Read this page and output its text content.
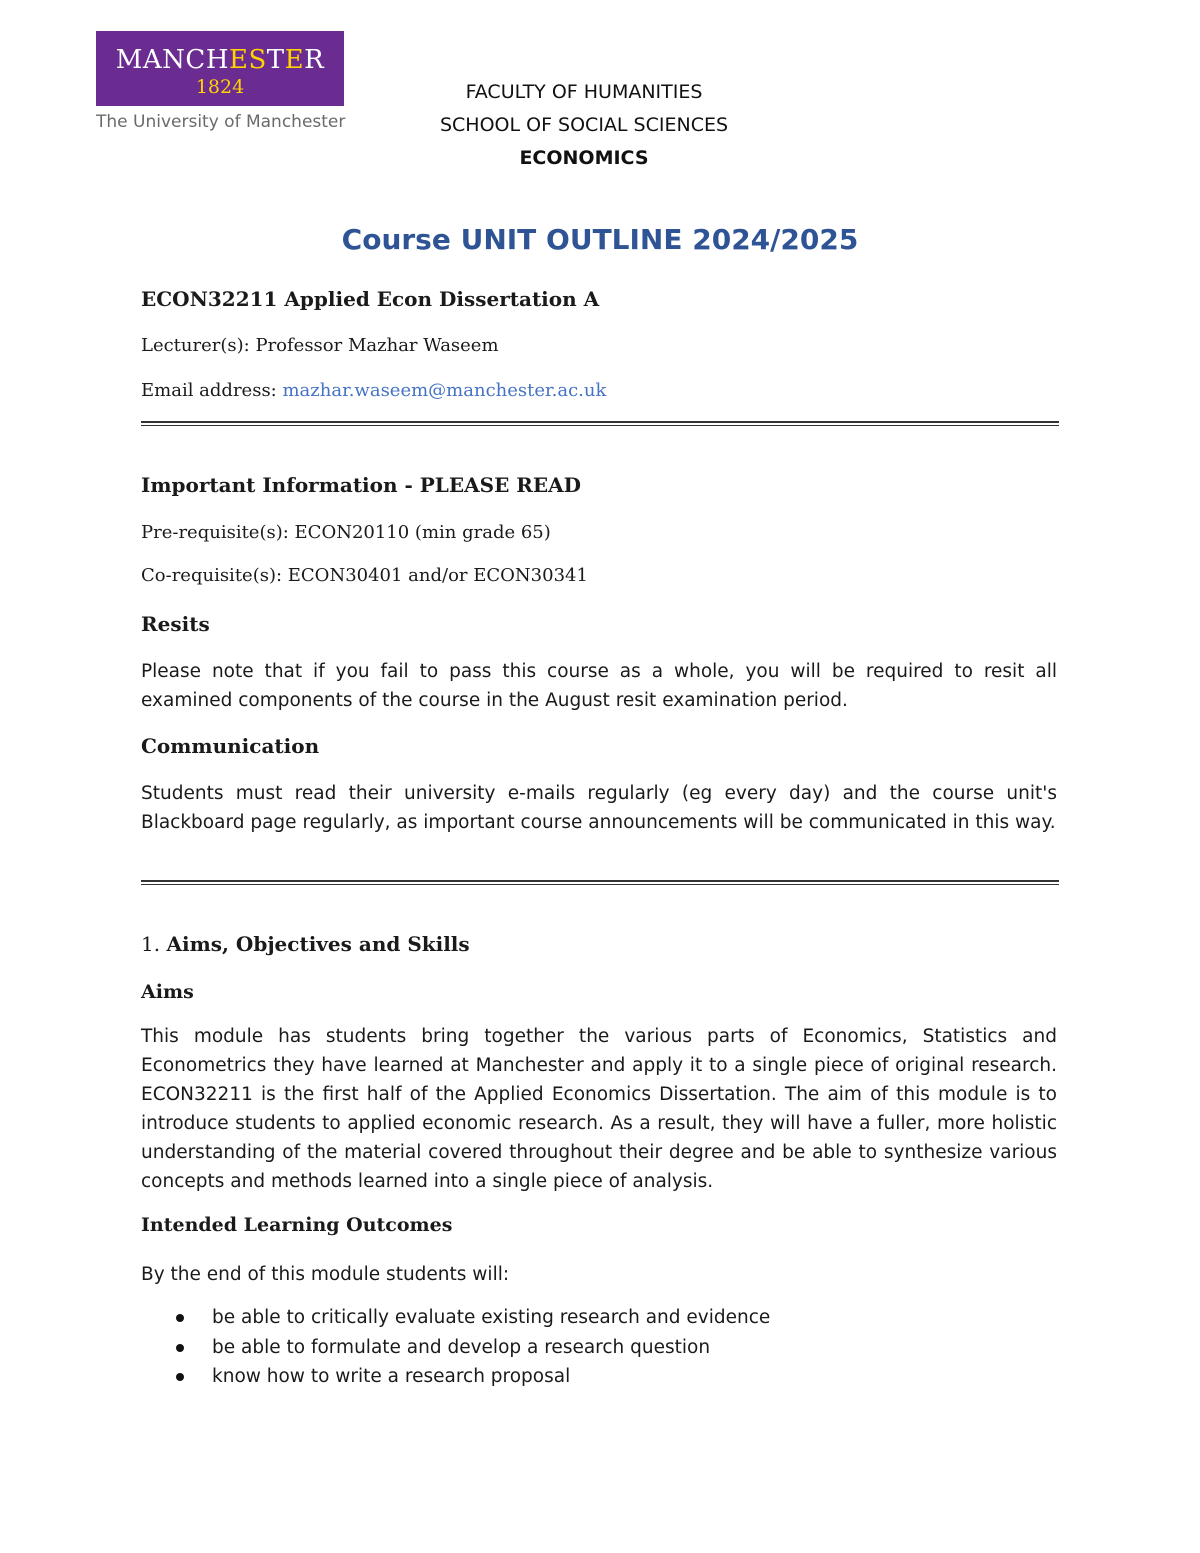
MANCHESTER
1824
The University of Manchester
FACULTY OF HUMANITIES
SCHOOL OF SOCIAL SCIENCES
ECONOMICS
Course UNIT OUTLINE 2024/2025
ECON32211 Applied Econ Dissertation A
Lecturer(s): Professor Mazhar Waseem
Email address: mazhar.waseem@manchester.ac.uk
Important Information - PLEASE READ
Pre-requisite(s): ECON20110 (min grade 65)
Co-requisite(s): ECON30401 and/or ECON30341
Resits
Please note that if you fail to pass this course as a whole, you will be required to resit all examined components of the course in the August resit examination period.
Communication
Students must read their university e-mails regularly (eg every day) and the course unit's Blackboard page regularly, as important course announcements will be communicated in this way.
1. Aims, Objectives and Skills
Aims
This module has students bring together the various parts of Economics, Statistics and Econometrics they have learned at Manchester and apply it to a single piece of original research. ECON32211 is the first half of the Applied Economics Dissertation. The aim of this module is to introduce students to applied economic research. As a result, they will have a fuller, more holistic understanding of the material covered throughout their degree and be able to synthesize various concepts and methods learned into a single piece of analysis.
Intended Learning Outcomes
By the end of this module students will:
be able to critically evaluate existing research and evidence
be able to formulate and develop a research question
know how to write a research proposal
